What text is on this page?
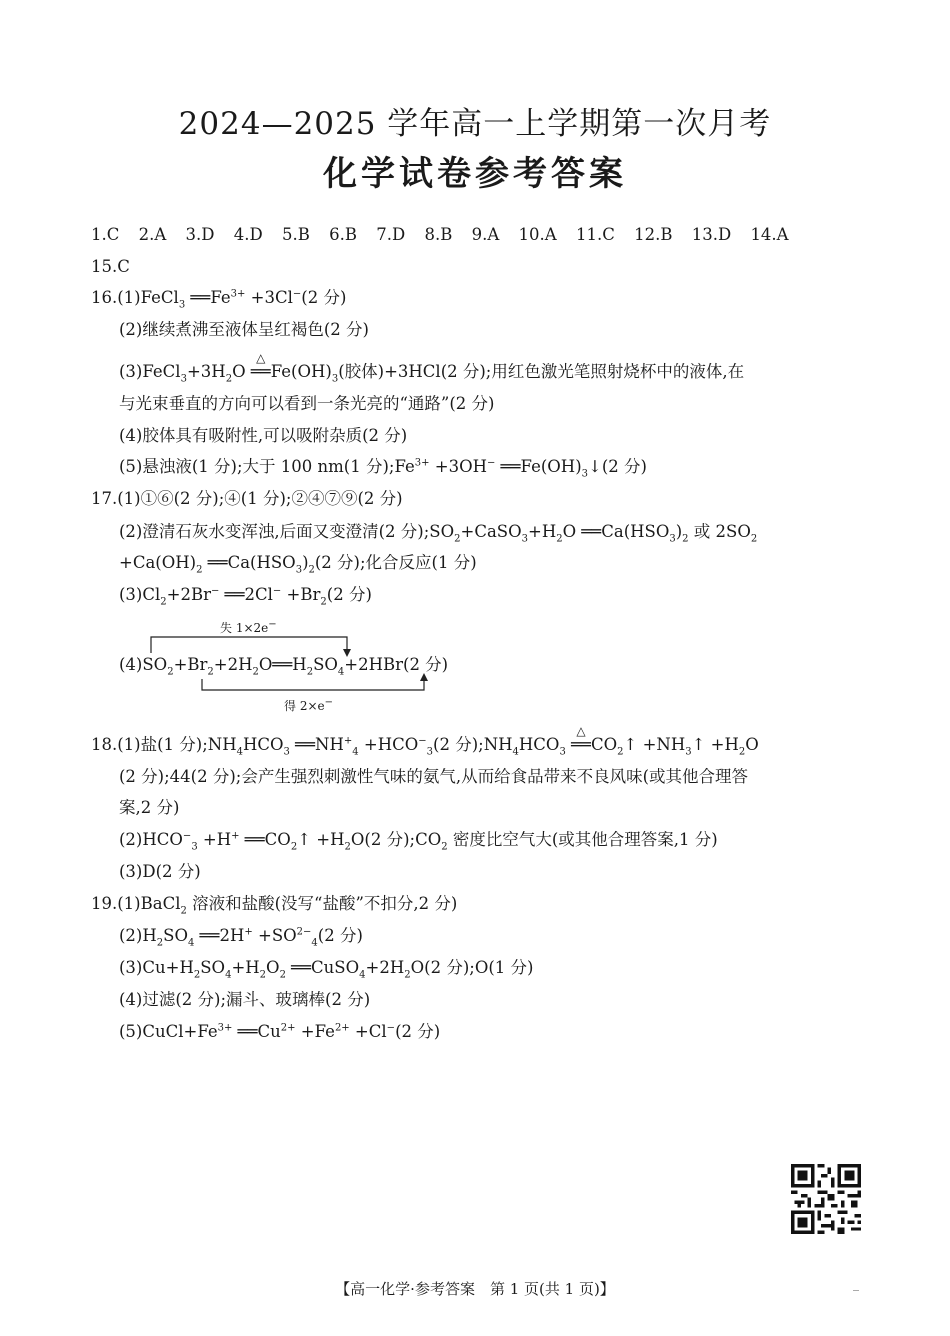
2024—2025 学年高一上学期第一次月考
化学试卷参考答案
1.C 2.A 3.D 4.D 5.B 6.B 7.D 8.B 9.A 10.A 11.C 12.B 13.D 14.A
15.C
16.(1)FeCl$_3$ $══Fe^{3+} +3Cl^-(2$ 分)
(2)继续煮沸至液体呈红褐色(2 分)
$(3)FeCl_3+3H_2O$
△
$══Fe(OH)_3$(胶体)+3HCl(2 分);用红色激光笔照射烧杯中的液体,在
与光束垂直的方向可以看到一条光亮的“通路”(2 分)
(4)胶体具有吸附性,可以吸附杂质(2 分)
(5)悬浊液(1 分);大于 100 nm(1 分)$;Fe^{3+} +3OH^-$ $══Fe(OH)_3↓(2$ 分)
17.(1)①⑥(2 分);④(1 分);②④⑦⑨(2 分)
(2)澄清石灰水变浑浊,后面又变澄清(2 分)$;SO_2+CaSO_3+H_2O$ $══Ca(HSO_3)_2$ 或 $2SO_2$
$+Ca(OH)_2$ $══Ca(HSO_3)_2(2$ 分);化合反应(1 分)
$(3)Cl_2+2Br^-$ ══2Cl− $+Br_2(2$ 分)
失 1×2e−
$(4)SO_2+Br_2+2H_2O══H_2SO_4+2HBr(2$ 分)
得 2×e−
18.(1)盐(1 分)$;NH_4HCO_3$ $══NH^+_4 +HCO^-_3(2$ 分)$;NH_4HCO_3$
△
$══CO_2↑$ $+NH_3↑ +H_2O$
(2 分);44(2 分);会产生强烈刺激性气味的氨气,从而给食品带来不良风味(或其他合理答
案,2 分)
$(2)HCO^-_3 +H^+$ $══CO_2↑ +H_2O(2$ 分)$;CO_2$ 密度比空气大(或其他合理答案,1 分)
(3)D(2 分)
19.(1)BaCl$_2$ 溶液和盐酸(没写“盐酸”不扣分,2 分)
$(2)H_2SO_4$ ══2H+ $+SO^{2-}_4(2$ 分)
$(3)Cu+H_2SO_4+H_2O_2$ $══CuSO_4+2H_2O(2$ 分);O(1 分)
(4)过滤(2 分);漏斗、玻璃棒(2 分)
$(5)CuCl+Fe^{3+}$ $══Cu^{2+} +Fe^{2+} +Cl^-(2$ 分)
【高一化学·参考答案　第 1 页(共 1 页)】
